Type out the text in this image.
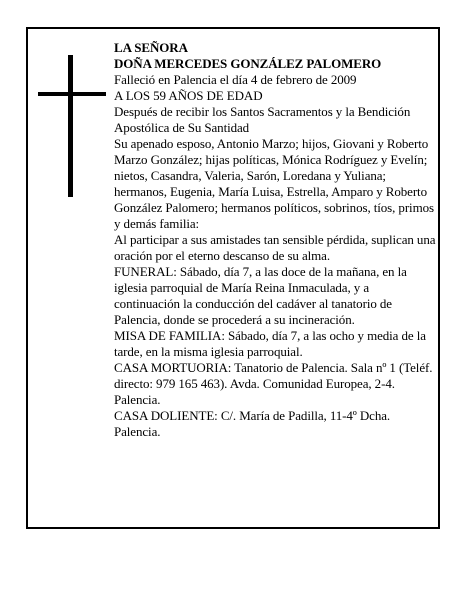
LA SEÑORA

DOÑA MERCEDES GONZÁLEZ PALOMERO

Falleció en Palencia el día 4 de febrero de 2009

A LOS 59 AÑOS DE EDAD

Después de recibir los Santos Sacramentos y la Bendición Apostólica de Su Santidad

Su apenado esposo, Antonio Marzo; hijos, Giovani y Roberto Marzo González; hijas políticas, Mónica Rodríguez y Evelín; nietos, Casandra, Valeria, Sarón, Loredana y Yuliana; hermanos, Eugenia, María Luisa, Estrella, Amparo y Roberto González Palomero; hermanos políticos, sobrinos, tíos, primos y demás familia:

Al participar a sus amistades tan sensible pérdida, suplican una oración por el eterno descanso de su alma.

FUNERAL: Sábado, día 7, a las doce de la mañana, en la iglesia parroquial de María Reina Inmaculada, y a continuación la conducción del cadáver al tanatorio de Palencia, donde se procederá a su incineración.

MISA DE FAMILIA: Sábado, día 7, a las ocho y media de la tarde, en la misma iglesia parroquial.

CASA MORTUORIA: Tanatorio de Palencia. Sala nº 1 (Teléf. directo: 979 165 463). Avda. Comunidad Europea, 2-4. Palencia.

CASA DOLIENTE: C/. María de Padilla, 11-4º Dcha. Palencia.
